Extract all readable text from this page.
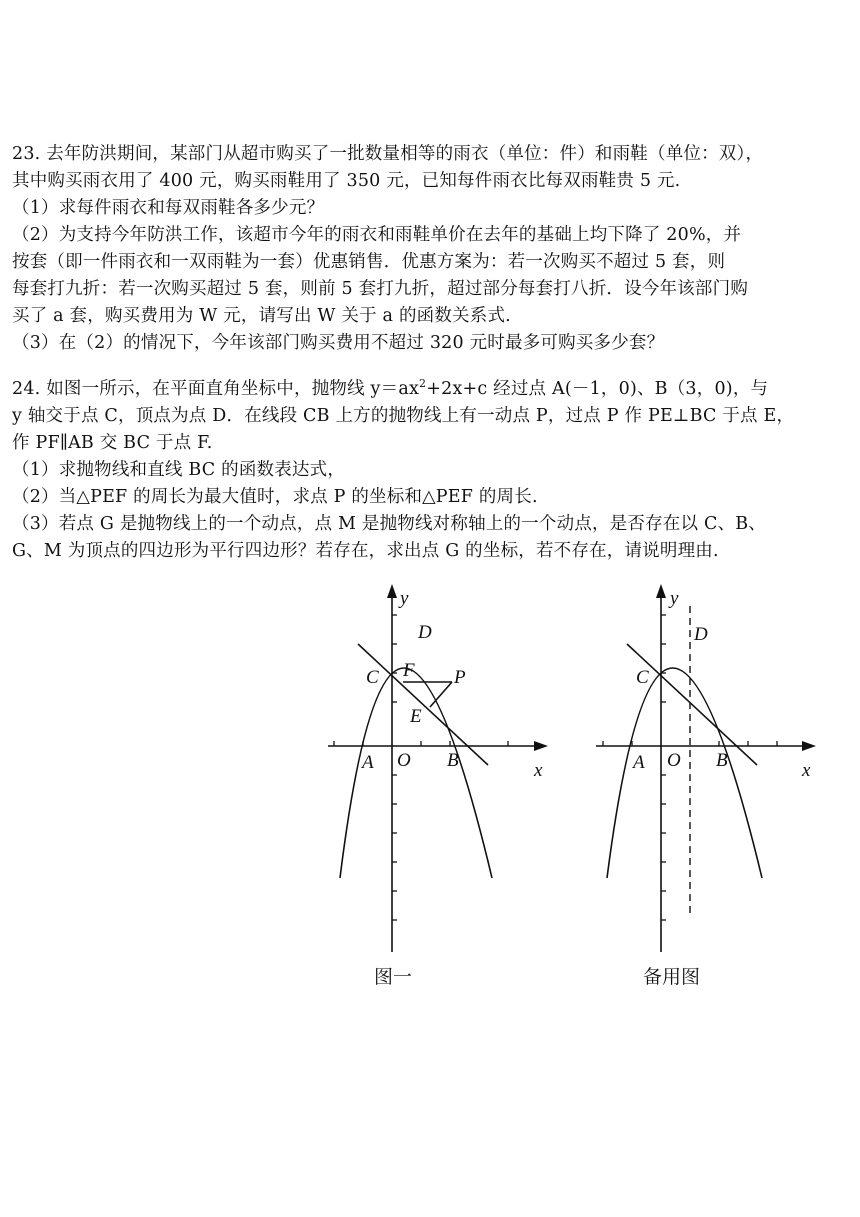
23. 去年防洪期间，某部门从超市购买了一批数量相等的雨衣（单位：件）和雨鞋（单位：双），
其中购买雨衣用了 400 元，购买雨鞋用了 350 元，已知每件雨衣比每双雨鞋贵 5 元.
（1）求每件雨衣和每双雨鞋各多少元？
（2）为支持今年防洪工作，该超市今年的雨衣和雨鞋单价在去年的基础上均下降了 20%，并
按套（即一件雨衣和一双雨鞋为一套）优惠销售．优惠方案为：若一次购买不超过 5 套，则
每套打九折：若一次购买超过 5 套，则前 5 套打九折，超过部分每套打八折．设今年该部门购
买了 a 套，购买费用为 W 元，请写出 W 关于 a 的函数关系式.
（3）在（2）的情况下，今年该部门购买费用不超过 320 元时最多可购买多少套？
24. 如图一所示，在平面直角坐标中，抛物线 $y=ax^2+2x+c$ 经过点 A(－1，0)、B（3，0)，与
y 轴交于点 C，顶点为点 D．在线段 CB 上方的抛物线上有一动点 P，过点 P 作 PE⊥BC 于点 E，
作 PF∥AB 交 BC 于点 F.
（1）求抛物线和直线 BC 的函数表达式，
（2）当△PEF 的周长为最大值时，求点 P 的坐标和△PEF 的周长.
（3）若点 G 是抛物线上的一个动点，点 M 是抛物线对称轴上的一个动点，是否存在以 C、B、
G、M 为顶点的四边形为平行四边形？若存在，求出点 G 的坐标，若不存在，请说明理由.
y
x
D
C F P
E
A O B
图一
y
x
D
C
A O B
备用图
